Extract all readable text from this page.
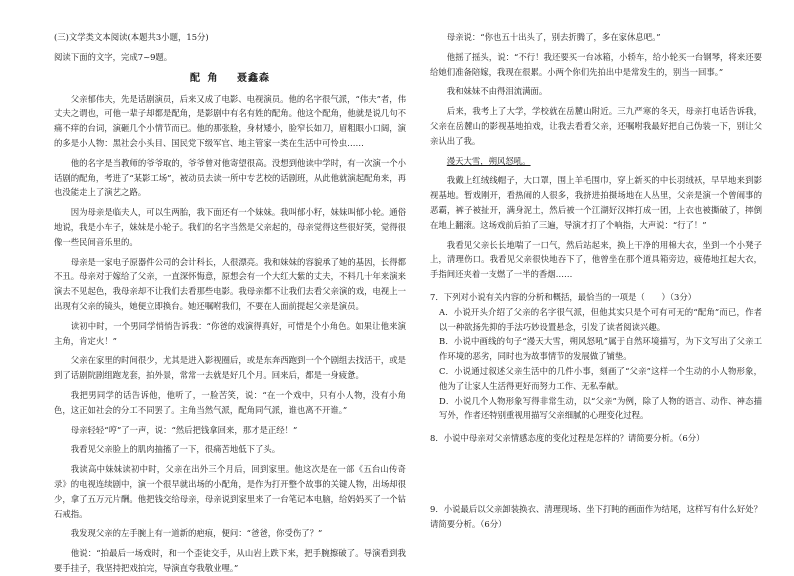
(三)文学类文本阅读(本题共3小题，15分)

阅读下面的文字，完成7~9题。

配 角 聂鑫森

父亲郁伟夫，先是话剧演员，后来又成了电影、电视演员。他的名字很气派，“伟夫”者，伟丈夫之谓也，可他一辈子却都是配角，是影剧中有名有姓的配角。他这个配角，他就是说几句不痛不痒的台词，演砸几个小情节而已。他的那张脸，身材矮小，脸窄长如刀，眉粗眼小口阔，演的多是小人物：黑社会小头目、国民党下级军官、地主管家一类在生活中可怜虫……

他的名字是当教师的爷爷取的，爷爷曾对他寄望很高。没想到他读中学时，有一次演一个小话剧的配角，考进了“某影工场”，被动员去读一所中专艺校的话剧班，从此他就演起配角来，再也没能走上了演艺之路。

因为母亲是临夫人，可以生两胎，我下面还有一个妹妹。我叫郁小籽，妹妹叫郁小轮。通俗地说，我是小车子，妹妹是小轮子。我们的名字当然是父亲起的，母亲觉得这些很好笑，觉得很像一些民间音乐里的。

母亲是一家电子原器件公司的会计科长，人很漂亮。我和妹妹的容貌承了她的基因，长得都不丑。母亲对于嫁给了父亲，一直深怀悔意，原想会有一个大红大紫的丈夫，不料几十年来演来演去不见起色，我母亲却不让我们去看那些电影。我母亲都不让我们去看父亲演的戏，电视上一出现有父亲的镜头，她便立即换台。她还嘱咐我们，不要在人面前提起父亲是演员。

读初中时，一个男同学悄悄告诉我：“你爸的戏演得真好，可惜是个小角色。如果让他来演主角，肯定火！”

父亲在家里的时间很少，尤其是进入影视圈后，或是东奔西跑到一个个剧组去找活干，或是到了话剧院剧组跑龙套，拍外景，常常一去就是好几个月。回来后，都是一身疲惫。

我把男同学的话告诉他，他听了，一脸苦笑，说：“在一个戏中，只有小人物，没有小角色，这正如社会的分工不同罢了。主角当然气派，配角同气派，谁也离不开谁。”

母亲轻轻“哼”了一声，说：“然后把钱拿回来，那才是正经！”

我看见父亲脸上的肌肉抽搐了一下，很痛苦地低下了头。

我读高中妹妹读初中时，父亲在出外三个月后，回到家里。他这次是在一部《五台山传奇录》的电视连续剧中，演一个很早就出场的小配角，是作为打开整个故事的关键人物，出场却很少，拿了五万元片酬。他把钱交给母亲，母亲说到家里来了一台笔记本电脑，给妈妈买了一个钻石戒指。

我发现父亲的左手腕上有一道新的疤痕，便问：“爸爸，你受伤了？”

他说：“拍最后一场戏时，和一个歪徒交手，从山岩上跌下来，把手腕擦破了。导演看到我要手挂子，我坚持把戏拍完，导演直夸我敬业哩。”

母亲说：“你也五十出头了，别去折腾了，多在家休息吧。”

他摇了摇头，说：“不行！我还要买一台冰箱，小轿车，给小轮买一台钢琴，将来还要给她们准备陪嫁，我现在很累。小两个你们先拍出中是常发生的，别当一回事。”

我和妹妹不由得泪流满面。

后来，我考上了大学，学校就在岳麓山附近。三九严寒的冬天，母亲打电话告诉我，父亲在岳麓山的影视基地拍戏，让我去看看父亲，还嘱咐我最好把自己伪装一下，别让父亲认出了我。

漫天大雪，朔风怒吼。

我戴上红绒线帽子，大口罩，围上羊毛围巾，穿上新买的中长羽绒袄，早早地来到影视基地。暂戏刚开，看热闹的人很多，我挤进拍摄场地在人丛里，父亲是演一个曾闹事的恶霸，裤子被扯开，满身泥土，然后被一个江湖好汉摔打成一团，上衣也被撕破了，摔倒在地上翻滚。这场戏前后拍了三遍，导演才打了个响指，大声说：“行了！”

我看见父亲长长地喘了一口气，然后站起来，换上干净的用棉大衣，坐到一个小凳子上，清理伤口。我看见父亲很快地吞下了，他曾坐在那个道具箱旁边，疲倦地扛起大衣，手指间还夹着一支燃了一半的香烟……

7．下列对小说有关内容的分析和概括，最恰当的一项是（　　）（3分）

A．小说开头介绍了父亲的名字很气派，但他其实只是个可有可无的“配角”而已，作者以一种欲扬先抑的手法巧妙设置悬念，引发了读者阅读兴趣。

B．小说中画线的句子“漫天大雪，朔风怒吼”属于自然环境描写，为下文写出了父亲工作环境的恶劣，同时也为故事情节的发展做了铺垫。

C．小说通过叙述父亲生活中的几件小事，刻画了“父亲”这样一个生动的小人物形象，他为了让家人生活得更好而努力工作、无私奉献。

D．小说几个人物形象写得非常生动，以“父亲”为例，除了人物的语言、动作、神态描写外，作者还特别重视用描写父亲细腻的心理变化过程。

8．小说中母亲对父亲情感态度的变化过程是怎样的？请简要分析。（6分）

9．小说最后以父亲卸装换衣、清理现场、坐下打盹的画面作为结尾，这样写有什么好处？请简要分析。（6分）
